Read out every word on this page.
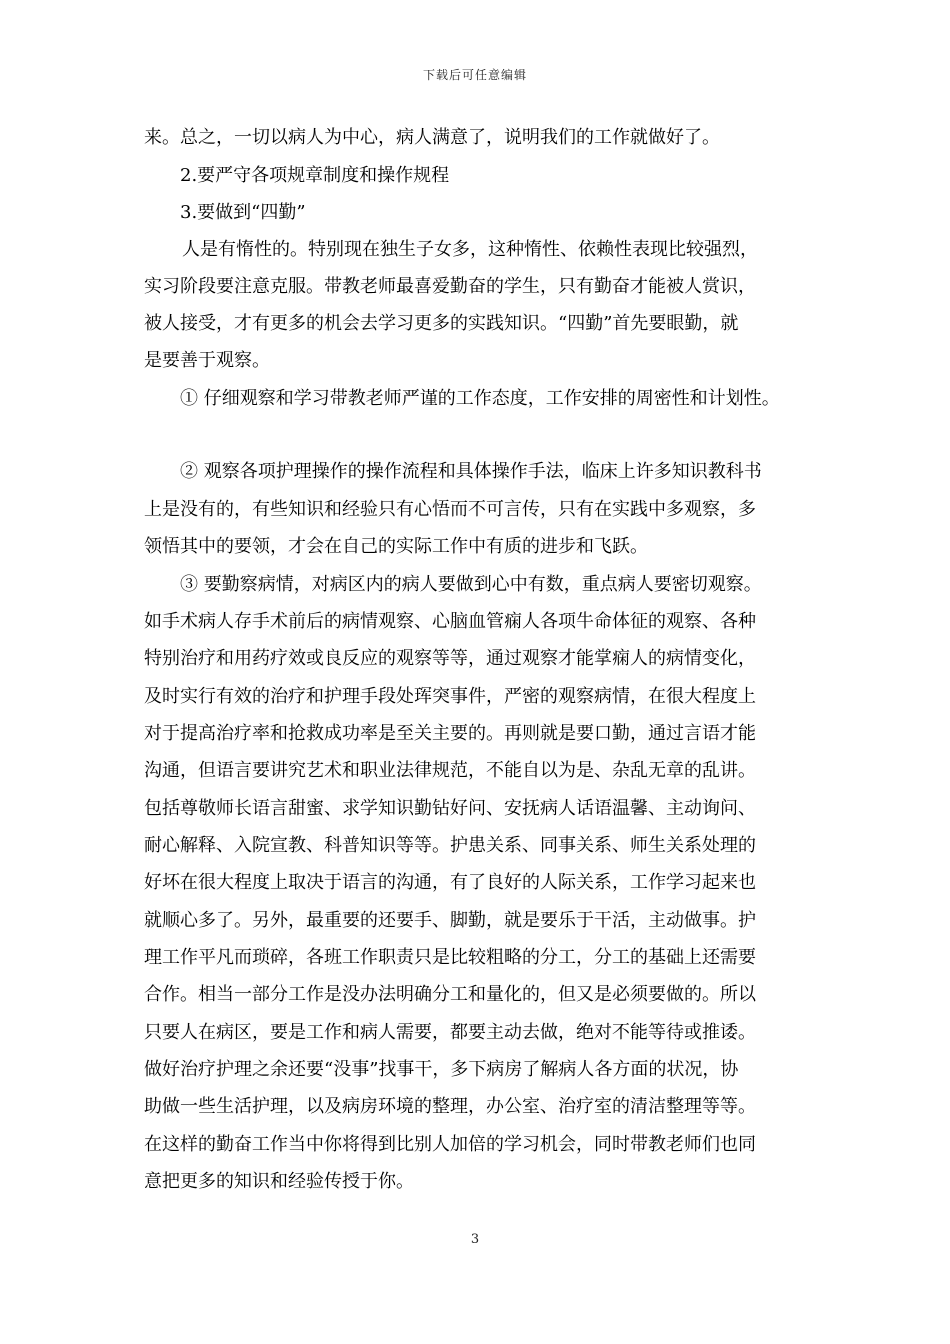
下载后可任意编辑
来。总之，一切以病人为中心，病人满意了，说明我们的工作就做好了。
2.要严守各项规章制度和操作规程
3.要做到“四勤”
人是有惰性的。特别现在独生子女多，这种惰性、依赖性表现比较强烈，
实习阶段要注意克服。带教老师最喜爱勤奋的学生，只有勤奋才能被人赏识，
被人接受，才有更多的机会去学习更多的实践知识。“四勤”首先要眼勤，就
是要善于观察。
① 仔细观察和学习带教老师严谨的工作态度，工作安排的周密性和计划性。
② 观察各项护理操作的操作流程和具体操作手法，临床上许多知识教科书
上是没有的，有些知识和经验只有心悟而不可言传，只有在实践中多观察，多
领悟其中的要领，才会在自己的实际工作中有质的进步和飞跃。
③ 要勤察病情，对病区内的病人要做到心中有数，重点病人要密切观察。
如手术病人存手术前后的病情观察、心脑血管痫人各项牛命体征的观察、各种
特别治疗和用药疗效或良反应的观察等等，通过观察才能掌痫人的病情变化，
及时实行有效的治疗和护理手段处珲突事件，严密的观察病情，在很大程度上
对于提高治疗率和抢救成功率是至关主要的。再则就是要口勤，通过言语才能
沟通，但语言要讲究艺术和职业法律规范，不能自以为是、杂乱无章的乱讲。
包括尊敬师长语言甜蜜、求学知识勤钻好问、安抚病人话语温馨、主动询问、
耐心解释、入院宣教、科普知识等等。护患关系、同事关系、师生关系处理的
好坏在很大程度上取决于语言的沟通，有了良好的人际关系，工作学习起来也
就顺心多了。另外，最重要的还要手、脚勤，就是要乐于干活，主动做事。护
理工作平凡而琐碎，各班工作职责只是比较粗略的分工，分工的基础上还需要
合作。相当一部分工作是没办法明确分工和量化的，但又是必须要做的。所以
只要人在病区，要是工作和病人需要，都要主动去做，绝对不能等待或推诿。
做好治疗护理之余还要“没事”找事干，多下病房了解病人各方面的状况，协
助做一些生活护理，以及病房环境的整理，办公室、治疗室的清洁整理等等。
在这样的勤奋工作当中你将得到比别人加倍的学习机会，同时带教老师们也同
意把更多的知识和经验传授于你。
3
